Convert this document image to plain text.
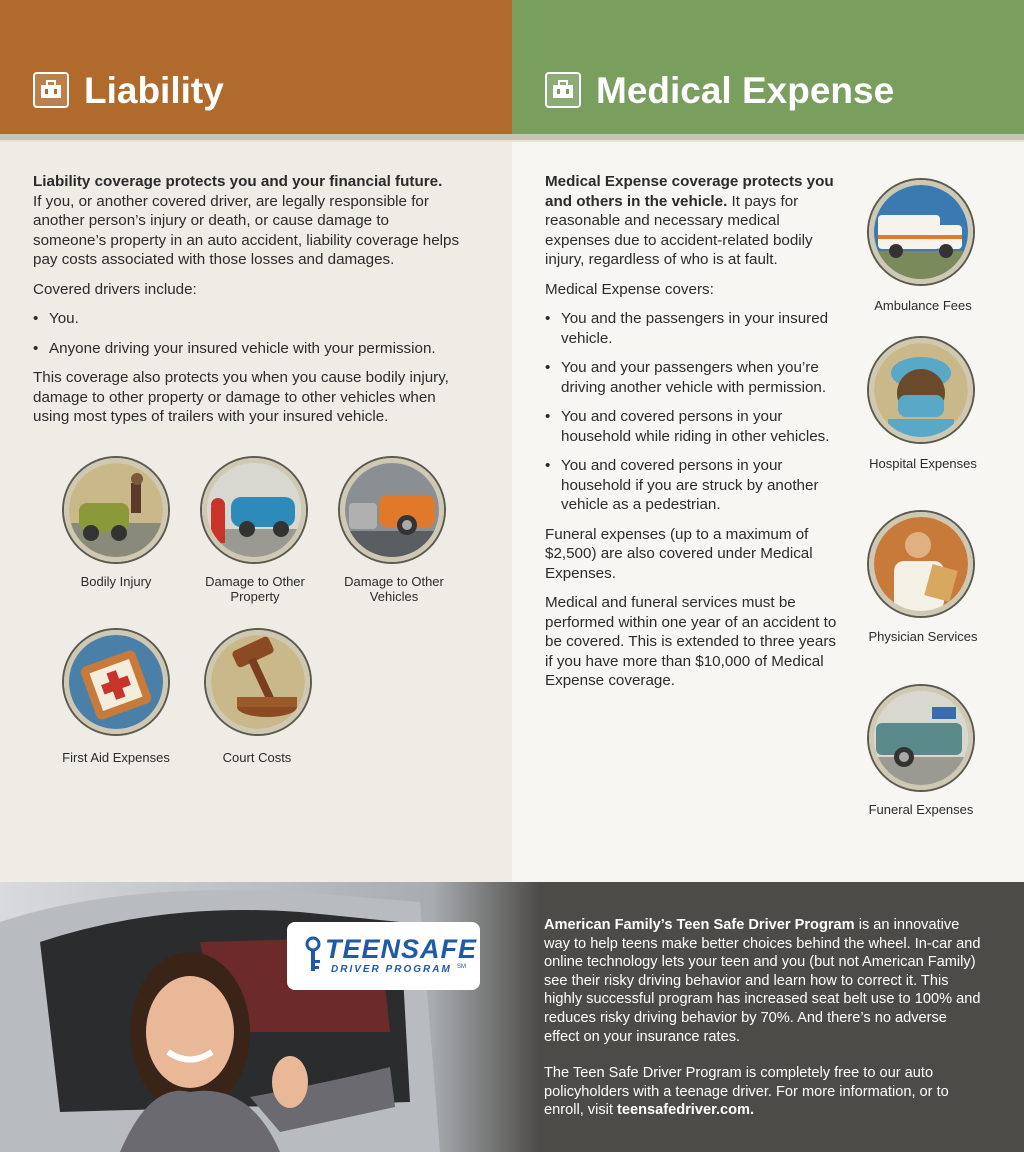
Liability	Medical Expense

Liability coverage protects you and your financial future.
If you, or another covered driver, are legally responsible for another person’s injury or death, or cause damage to someone’s property in an auto accident, liability coverage helps pay costs associated with those losses and damages.

Covered drivers include:

• You.
• Anyone driving your insured vehicle with your permission.

This coverage also protects you when you cause bodily injury, damage to other property or damage to other vehicles when using most types of trailers with your insured vehicle.

Bodily Injury	Damage to Other Property
Damage to Other Vehicles
First Aid Expenses	Court Costs

Medical Expense coverage protects you and others in the vehicle. It pays for reasonable and necessary medical expenses due to accident-related bodily injury, regardless of who is at fault.

Medical Expense covers:

• You and the passengers in your insured vehicle.
• You and your passengers when you’re driving another vehicle with permission.
• You and covered persons in your household while riding in other vehicles.
• You and covered persons in your household if you are struck by another vehicle as a pedestrian.

Funeral expenses (up to a maximum of $2,500) are also covered under Medical Expenses.

Medical and funeral services must be performed within one year of an accident to be covered. This is extended to three years if you have more than $10,000 of Medical Expense coverage.

Ambulance Fees
Hospital Expenses
Physician Services
Funeral Expenses
TEENSAFE
DRIVER PROGRAM SM

American Family’s Teen Safe Driver Program is an innovative way to help teens make better choices behind the wheel. In-car and online technology lets your teen and you (but not American Family) see their risky driving behavior and learn how to correct it. This highly successful program has increased seat belt use to 100% and reduces risky driving behavior by 70%. And there’s no adverse effect on your insurance rates.

The Teen Safe Driver Program is completely free to our auto policyholders with a teenage driver. For more information, or to enroll, visit teensafedriver.com.
